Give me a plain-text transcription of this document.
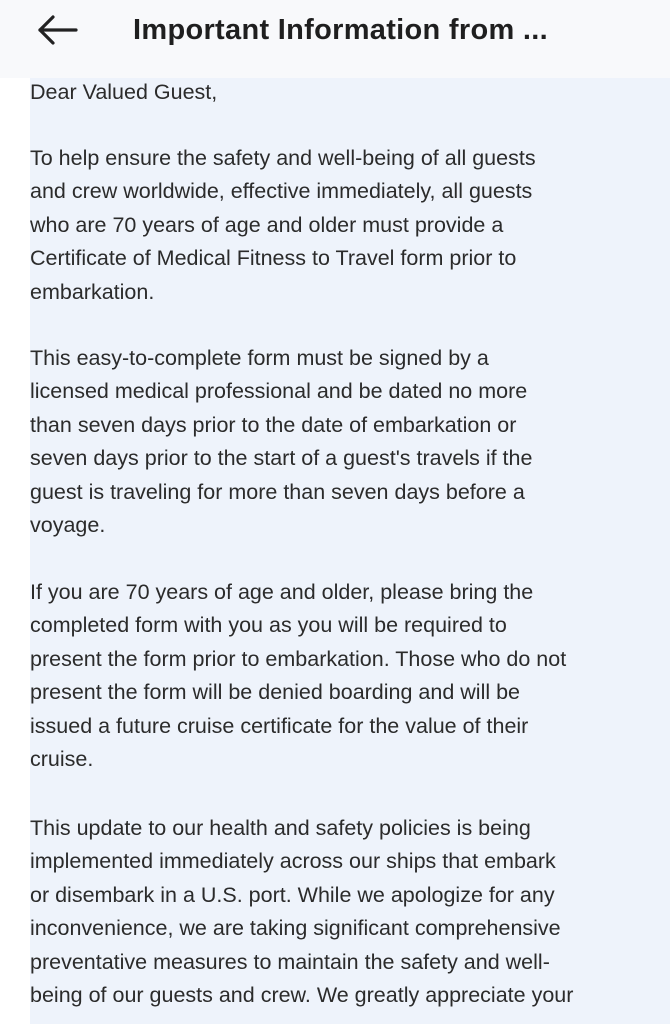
Important Information from ...
Dear Valued Guest,
To help ensure the safety and well-being of all guests
and crew worldwide, effective immediately, all guests
who are 70 years of age and older must provide a
Certificate of Medical Fitness to Travel form prior to
embarkation.
This easy-to-complete form must be signed by a
licensed medical professional and be dated no more
than seven days prior to the date of embarkation or
seven days prior to the start of a guest's travels if the
guest is traveling for more than seven days before a
voyage.
If you are 70 years of age and older, please bring the
completed form with you as you will be required to
present the form prior to embarkation. Those who do not
present the form will be denied boarding and will be
issued a future cruise certificate for the value of their
cruise.
This update to our health and safety policies is being
implemented immediately across our ships that embark
or disembark in a U.S. port. While we apologize for any
inconvenience, we are taking significant comprehensive
preventative measures to maintain the safety and well-
being of our guests and crew. We greatly appreciate your
